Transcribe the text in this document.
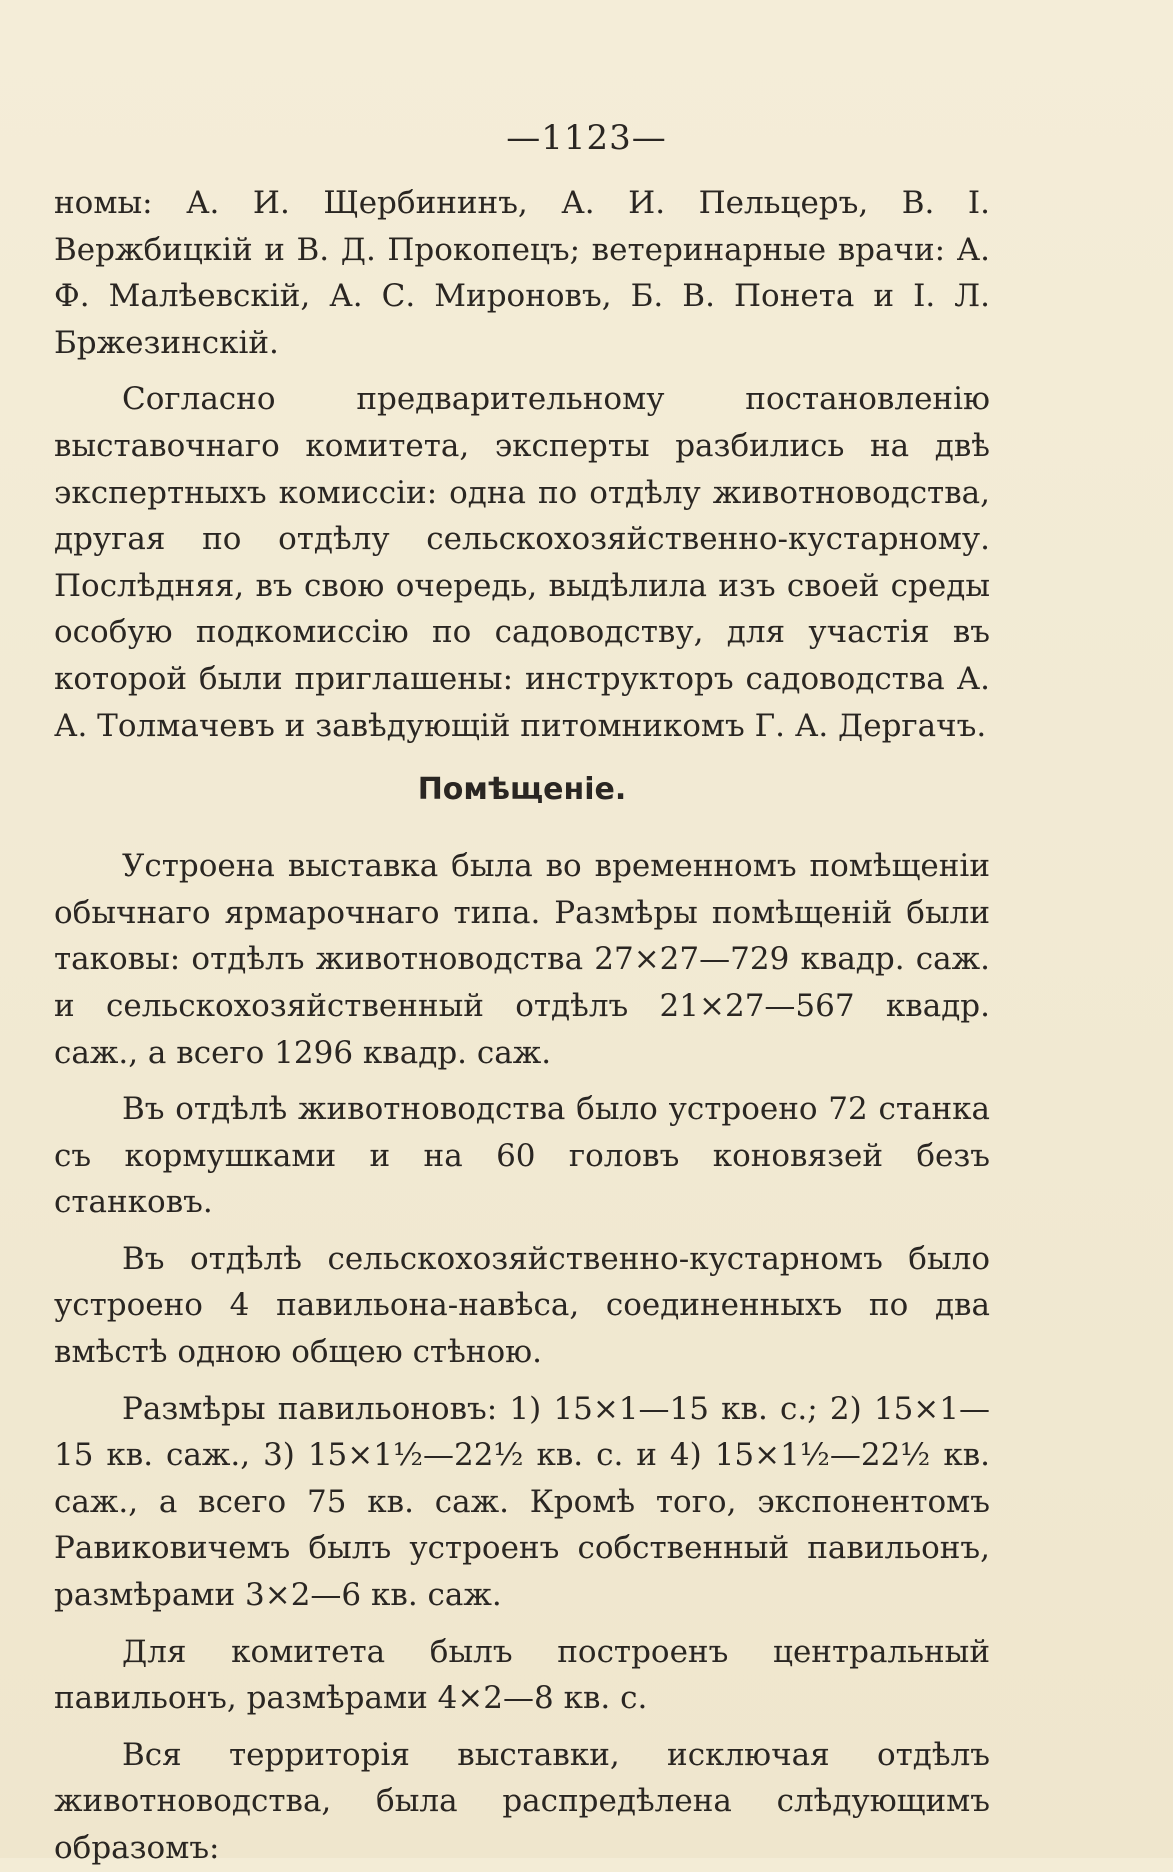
—1123—

номы: А. И. Щербининъ, А. И. Пельцеръ, В. І. Вержбицкій и В. Д. Прокопецъ; ветеринарные врачи: А. Ф. Малѣевскій, А. С. Мироновъ, Б. В. Понета и І. Л. Бржезинскій.

Согласно предварительному постановленію выставочнаго комитета, эксперты разбились на двѣ экспертныхъ комиссіи: одна по отдѣлу животноводства, другая по отдѣлу сельскохозяйственно-кустарному. Послѣдняя, въ свою очередь, выдѣлила изъ своей среды особую подкомиссію по садоводству, для участія въ которой были приглашены: инструкторъ садоводства А. А. Толмачевъ и завѣдующій питомникомъ Г. А. Дергачъ.

Помѣщеніе.

Устроена выставка была во временномъ помѣщеніи обычнаго ярмарочнаго типа. Размѣры помѣщеній были таковы: отдѣлъ животноводства 27×27—729 квадр. саж. и сельскохозяйственный отдѣлъ 21×27—567 квадр. саж., а всего 1296 квадр. саж.

Въ отдѣлѣ животноводства было устроено 72 станка съ кормушками и на 60 головъ коновязей безъ станковъ.

Въ отдѣлѣ сельскохозяйственно-кустарномъ было устроено 4 павильона-навѣса, соединенныхъ по два вмѣстѣ одною общею стѣною.

Размѣры павильоновъ: 1) 15×1—15 кв. с.; 2) 15×1—15 кв. саж., 3) 15×1½—22½ кв. с. и 4) 15×1½—22½ кв. саж., а всего 75 кв. саж. Кромѣ того, экспонентомъ Равиковичемъ былъ устроенъ собственный павильонъ, размѣрами 3×2—6 кв. саж.

Для комитета былъ построенъ центральный павильонъ, размѣрами 4×2—8 кв. с.

Вся территорія выставки, исключая отдѣлъ животноводства, была распредѣлена слѣдующимъ образомъ:
